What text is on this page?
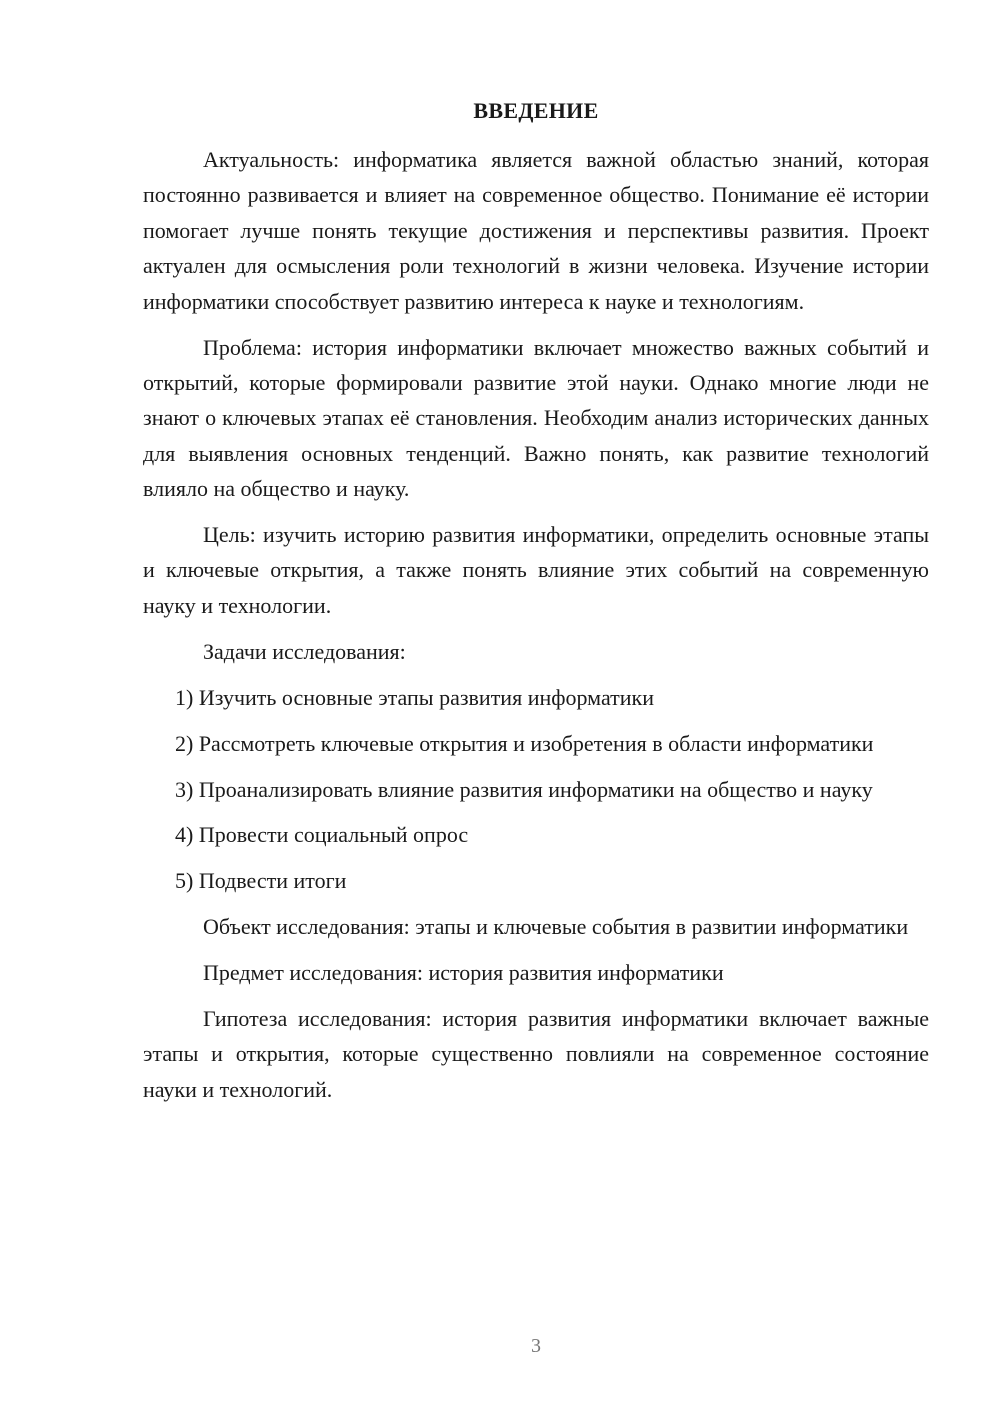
ВВЕДЕНИЕ

Актуальность: информатика является важной областью знаний, которая постоянно развивается и влияет на современное общество. Понимание её истории помогает лучше понять текущие достижения и перспективы развития. Проект актуален для осмысления роли технологий в жизни человека. Изучение истории информатики способствует развитию интереса к науке и технологиям.

Проблема: история информатики включает множество важных событий и открытий, которые формировали развитие этой науки. Однако многие люди не знают о ключевых этапах её становления. Необходим анализ исторических данных для выявления основных тенденций. Важно понять, как развитие технологий влияло на общество и науку.

Цель: изучить историю развития информатики, определить основные этапы и ключевые открытия, а также понять влияние этих событий на современную науку и технологии.

Задачи исследования:

1) Изучить основные этапы развития информатики

2) Рассмотреть ключевые открытия и изобретения в области информатики

3) Проанализировать влияние развития информатики на общество и науку

4) Провести социальный опрос

5) Подвести итоги

Объект исследования: этапы и ключевые события в развитии информатики

Предмет исследования: история развития информатики

Гипотеза исследования: история развития информатики включает важные этапы и открытия, которые существенно повлияли на современное состояние науки и технологий.

3
